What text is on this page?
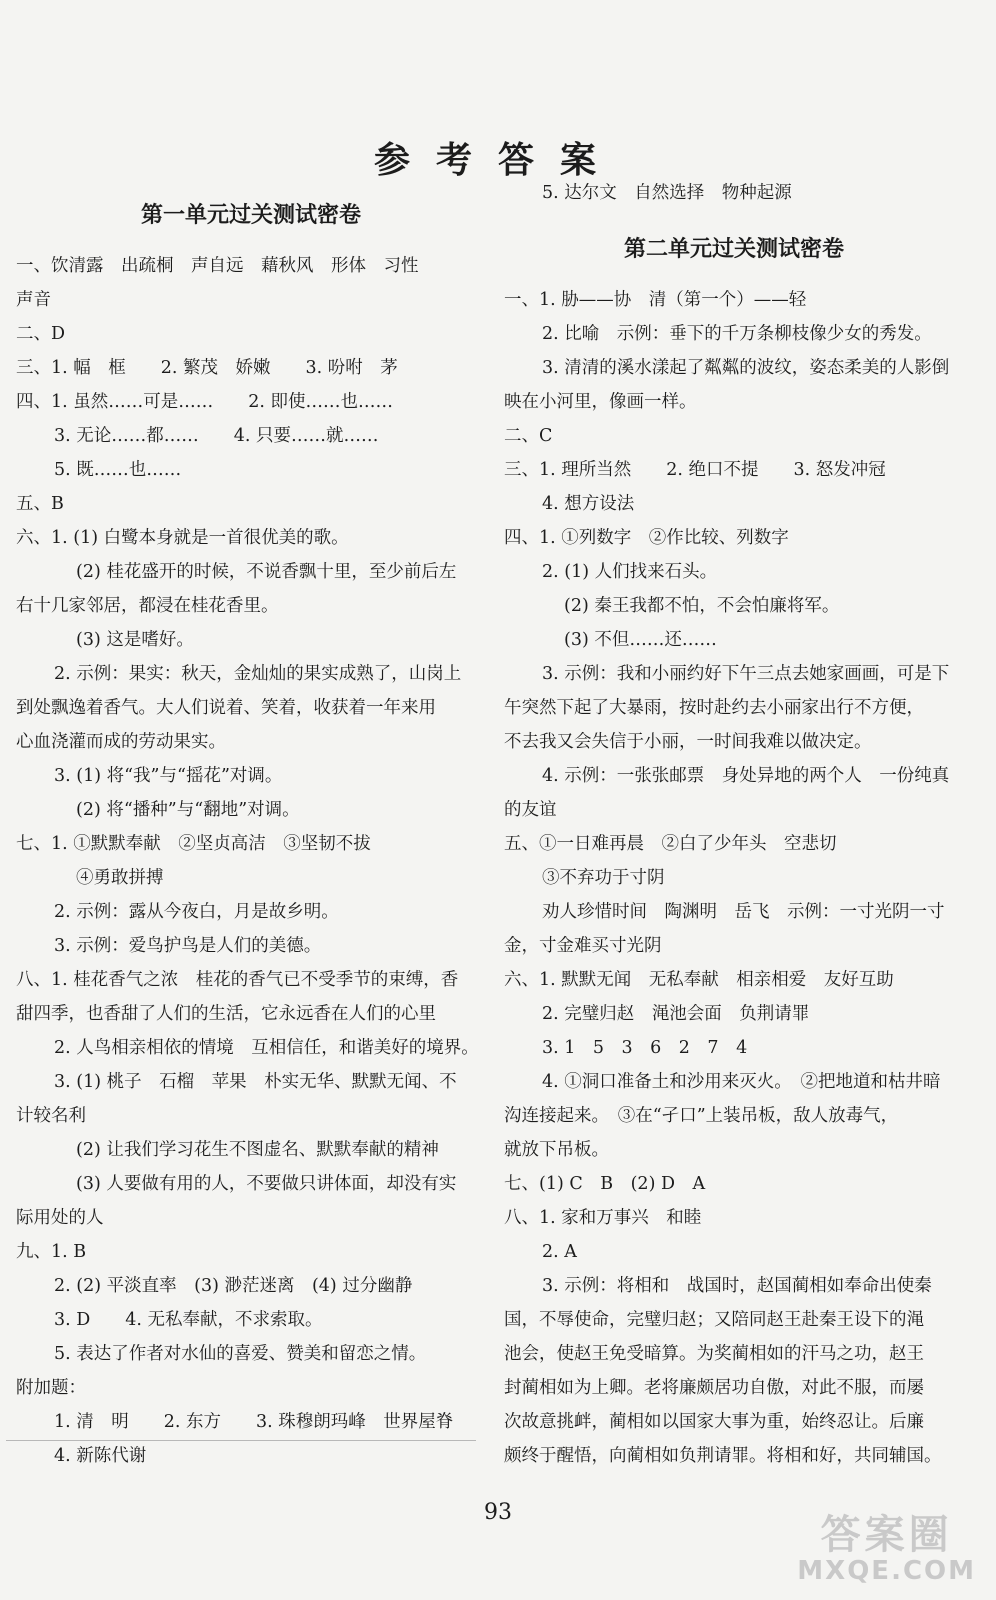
参考答案
第一单元过关测试密卷
一、饮清露　出疏桐　声自远　藉秋风　形体　习性
声音
二、D
三、1. 幅　框　　2. 繁茂　娇嫩　　3. 吩咐　茅
四、1. 虽然……可是……　　2. 即使……也……
3. 无论……都……　　4. 只要……就……
5. 既……也……
五、B
六、1. (1) 白鹭本身就是一首很优美的歌。
(2) 桂花盛开的时候，不说香飘十里，至少前后左
右十几家邻居，都浸在桂花香里。
(3) 这是嗜好。
2. 示例：果实：秋天，金灿灿的果实成熟了，山岗上
到处飘逸着香气。大人们说着、笑着，收获着一年来用
心血浇灌而成的劳动果实。
3. (1) 将“我”与“摇花”对调。
(2) 将“播种”与“翻地”对调。
七、1. ①默默奉献　②坚贞高洁　③坚韧不拔
④勇敢拼搏
2. 示例：露从今夜白，月是故乡明。
3. 示例：爱鸟护鸟是人们的美德。
八、1. 桂花香气之浓　桂花的香气已不受季节的束缚，香
甜四季，也香甜了人们的生活，它永远香在人们的心里
2. 人鸟相亲相依的情境　互相信任，和谐美好的境界。
3. (1) 桃子　石榴　苹果　朴实无华、默默无闻、不
计较名利
(2) 让我们学习花生不图虚名、默默奉献的精神
(3) 人要做有用的人，不要做只讲体面，却没有实
际用处的人
九、1. B
2. (2) 平淡直率　(3) 渺茫迷离　(4) 过分幽静
3. D　　4. 无私奉献，不求索取。
5. 表达了作者对水仙的喜爱、赞美和留恋之情。
附加题：
1. 清　明　　2. 东方　　3. 珠穆朗玛峰　世界屋脊
4. 新陈代谢
5. 达尔文　自然选择　物种起源
第二单元过关测试密卷
一、1. 胁——协　清（第一个）——轻
2. 比喻　示例：垂下的千万条柳枝像少女的秀发。
3. 清清的溪水漾起了粼粼的波纹，姿态柔美的人影倒
映在小河里，像画一样。
二、C
三、1. 理所当然　　2. 绝口不提　　3. 怒发冲冠
4. 想方设法
四、1. ①列数字　②作比较、列数字
2. (1) 人们找来石头。
(2) 秦王我都不怕，不会怕廉将军。
(3) 不但……还……
3. 示例：我和小丽约好下午三点去她家画画，可是下
午突然下起了大暴雨，按时赴约去小丽家出行不方便，
不去我又会失信于小丽，一时间我难以做决定。
4. 示例：一张张邮票　身处异地的两个人　一份纯真
的友谊
五、①一日难再晨　②白了少年头　空悲切
③不弃功于寸阴
劝人珍惜时间　陶渊明　岳飞　示例：一寸光阴一寸
金，寸金难买寸光阴
六、1. 默默无闻　无私奉献　相亲相爱　友好互助
2. 完璧归赵　渑池会面　负荆请罪
3. 1　5　3　6　2　7　4
4. ①洞口准备土和沙用来灭火。　②把地道和枯井暗
沟连接起来。　③在“孑口”上装吊板，敌人放毒气，
就放下吊板。
七、(1) C　B　(2) D　A
八、1. 家和万事兴　和睦
2. A
3. 示例：将相和　战国时，赵国蔺相如奉命出使秦
国，不辱使命，完璧归赵；又陪同赵王赴秦王设下的渑
池会，使赵王免受暗算。为奖蔺相如的汗马之功，赵王
封蔺相如为上卿。老将廉颇居功自傲，对此不服，而屡
次故意挑衅，蔺相如以国家大事为重，始终忍让。后廉
颇终于醒悟，向蔺相如负荆请罪。将相和好，共同辅国。
93	答案圈
MXQE.COM
